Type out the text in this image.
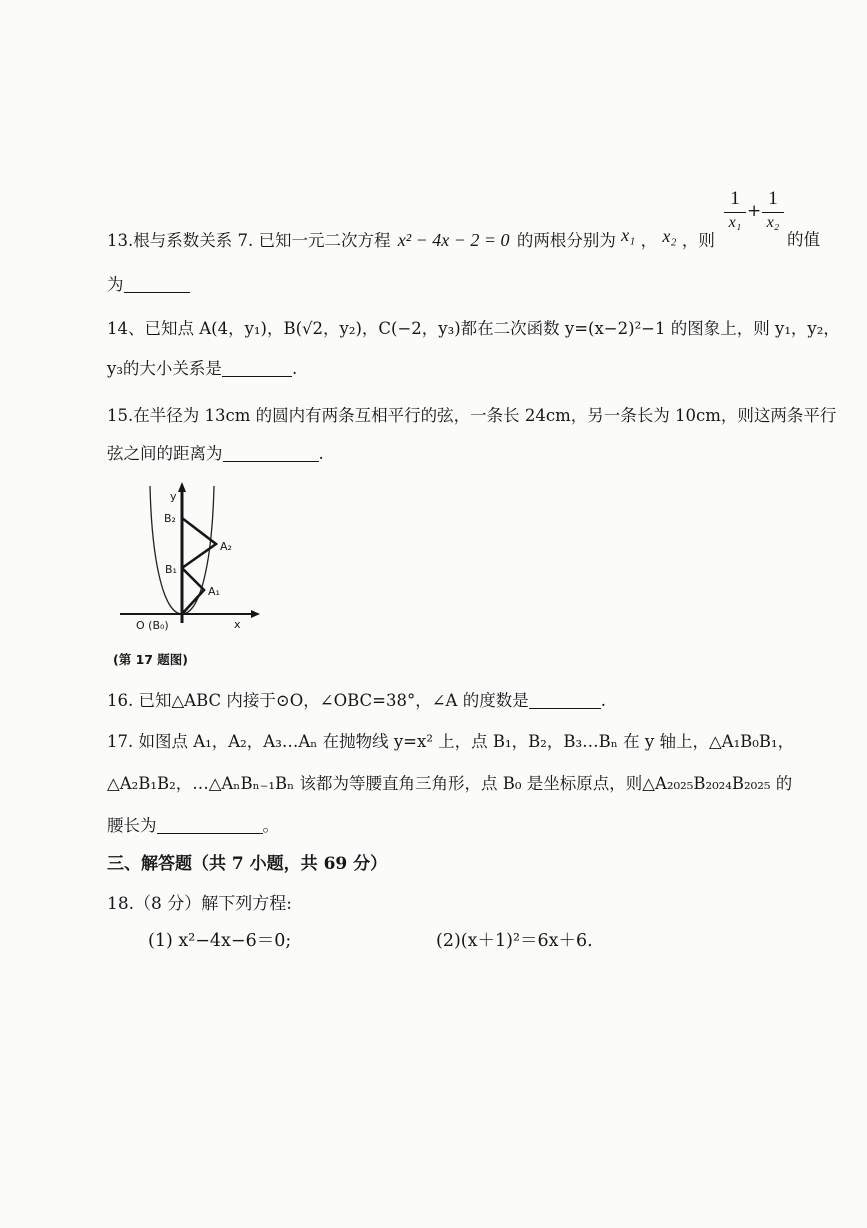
13.根与系数关系 7. 已知一元二次方程 x² − 4x − 2 = 0 的两根分别为 x₁ ， x₂ ，则
1
x₁
+
1
x₂
的值
为
14、已知点 A(4，y₁)，B(√2，y₂)，C(−2，y₃)都在二次函数 y=(x−2)²−1 的图象上，则 y₁，y₂，
y₃的大小关系是	.
15.在半径为 13cm 的圆内有两条互相平行的弦，一条长 24cm，另一条长为 10cm，则这两条平行
弦之间的距离为	.
y
x
B₂
B₁
A₂
A₁
O (B₀)
(第 17 题图)
16. 已知△ABC 内接于⊙O，∠OBC=38°，∠A 的度数是	.
17. 如图点 A₁，A₂，A₃…Aₙ 在抛物线 y=x² 上，点 B₁，B₂，B₃…Bₙ 在 y 轴上，△A₁B₀B₁，
△A₂B₁B₂，…△AₙBₙ₋₁Bₙ 该都为等腰直角三角形，点 B₀ 是坐标原点，则△A₂₀₂₅B₂₀₂₄B₂₀₂₅ 的
腰长为	。
三、解答题（共 7 小题，共 69 分）
18.（8 分）解下列方程:
(1) x²−4x−6＝0;	(2)(x＋1)²＝6x＋6.
